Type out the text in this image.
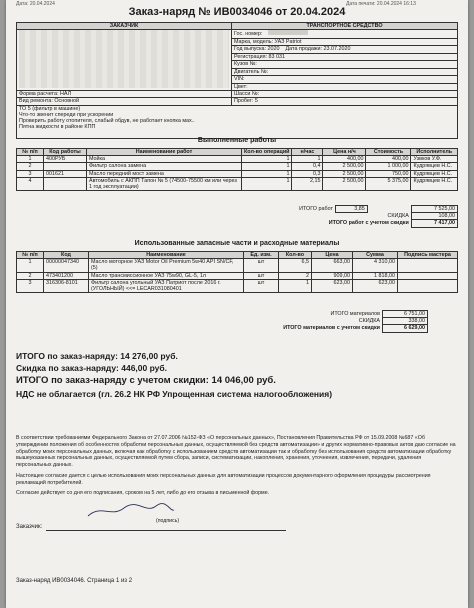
Дата: 20.04.2024	Дата печати: 20.04.2024 16:13
Заказ-наряд № ИВ0034046 от 20.04.2024
ЗАКАЗЧИК	ТРАНСПОРТНОЕ СРЕДСТВО

	Гос. номер:
	Марка, модель: УАЗ Patriot
	Год выпуска: 2020 Дата продажи: 23.07.2020
	Регистрация: 83 031
	Кузов №:
	Двигатель №:
	VIN:
	Цвет:
Форма расчета: НАЛ	Шасси №:
Вид ремонта: Основной	Пробег: 5

ТО 5 (фильтр в машине)
Что-то звенит спереди при ускорении
Проверить работу отопителя, слабый обдув, не работает кнопка мах..
Пятна жидкости в районе КПП	
Выполненные работы
№ п/п	Код работы	Наименование работ	Кол-во операций	н/час	Цена н/ч	Стоимость	Исполнитель
1	400РУБ	Мойка	1	1	400,00	400,00	Узвков У.Ф.
2		Фильтр салона замена	1	0,4	2 500,00	1 000,00	Кудрявцев Н.С.
3	001621	Масло передний мост замена	1	0,3	2 500,00	750,00	Кудрявцев Н.С.
4		Автомобиль с АКПП Тапон № 5 (74500-75500 км или через 1 год эксплуатации)	1	2,15	2 500,00	5 375,00	Кудрявцев Н.С.
ИТОГО работ	3,85		7 525,00
СКИДКА			108,00
ИТОГО работ с учетом скидки			7 417,00
Использованные запасные части и расходные материалы
№ п/п	Код	Наименование	Ед. изм.	Кол-во	Цена	Сумма	Подпись мастера
1	00000047340	Масло моторное УАЗ Motor Oil Premium 5w40 API SN/CF, (5)	шт	6,5	663,00	4 310,00	
2	473401200	Масло трансмиссионное УАЗ 75w90, GL-5, 1л	шт	2	909,00	1 818,00	
3	316306-8101	Фильтр салона угольный УАЗ Патриот после 2016 г. (УГОЛЬНЫЙ) <<= LECAR031080401	шт	1	623,00	623,00	
ИТОГО материалов	6 751,00	
СКИДКА	338,00	
ИТОГО материалов с учетом скидки	6 629,00	
ИТОГО по заказ-наряду: 14 276,00 руб.
Скидка по заказ-наряду: 446,00 руб.
ИТОГО по заказ-наряду с учетом скидки: 14 046,00 руб.
НДС не облагается (гл. 26.2 НК РФ Упрощенная система налогообложения)

В соответствии требованиями Федерального Закона от 27.07.2006 №152-ФЗ «О персональных данных», Постановления Правительства РФ от 15.09.2008 №687 «Об утверждении положения об особенностях обработки персональных данных, осуществляемой без средств автоматизации» и других нормативно-правовых актов даю согласие на обработку моих персональных данных, включая как обработку с использованием средств автоматизации так и обработку без использования средств автоматизации обработку вышеуказанных персональных данных, осуществляемой путем сбора, записи, систематизации, накопления, хранения, уточнения, извлечения, передачи, удаления персональных данных.

Настоящее согласие дается с целью использования моих персональных данных для автоматизации процессов документарного оформления процедуры рассмотрения рекламаций потребителей.

Согласие действует со дня его подписания, сроком на 5 лет, либо до его отзыва в письменной форме.

Заказчик:
(подпись)
Заказ-наряд ИВ0034046. Страница 1 из 2
